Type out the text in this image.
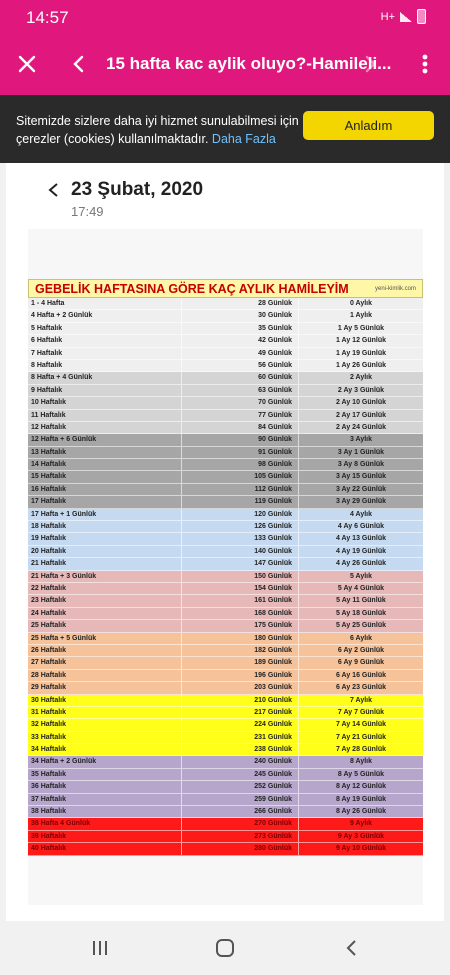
14:57	H+
15 hafta kac aylik oluyo?-Hamileli...
Sitemizde sizlere daha iyi hizmet sunulabilmesi için çerezler (cookies) kullanılmaktadır. Daha Fazla
Anladım
23 Şubat, 2020
17:49
GEBELİK HAFTASINA GÖRE KAÇ AYLIK HAMİLEYİM	yeni-kimlik.com
1 - 4 Hafta	28 Günlük	0 Aylık
4 Hafta + 2 Günlük	30 Günlük	1 Aylık
5 Haftalık	35 Günlük	1 Ay 5 Günlük
6 Haftalık	42 Günlük	1 Ay 12 Günlük
7 Haftalık	49 Günlük	1 Ay 19 Günlük
8 Haftalık	56 Günlük	1 Ay 26 Günlük
8 Hafta + 4 Günlük	60 Günlük	2 Aylık
9 Haftalık	63 Günlük	2 Ay 3 Günlük
10 Haftalık	70 Günlük	2 Ay 10 Günlük
11 Haftalık	77 Günlük	2 Ay 17 Günlük
12 Haftalık	84 Günlük	2 Ay 24 Günlük
12 Hafta + 6 Günlük	90 Günlük	3 Aylık
13 Haftalık	91 Günlük	3 Ay 1 Günlük
14 Haftalık	98 Günlük	3 Ay 8 Günlük
15 Haftalık	105 Günlük	3 Ay 15 Günlük
16 Haftalık	112 Günlük	3 Ay 22 Günlük
17 Haftalık	119 Günlük	3 Ay 29 Günlük
17 Hafta + 1 Günlük	120 Günlük	4 Aylık
18 Haftalık	126 Günlük	4 Ay 6 Günlük
19 Haftalık	133 Günlük	4 Ay 13 Günlük
20 Haftalık	140 Günlük	4 Ay 19 Günlük
21 Haftalık	147 Günlük	4 Ay 26 Günlük
21 Hafta + 3 Günlük	150 Günlük	5 Aylık
22 Haftalık	154 Günlük	5 Ay 4 Günlük
23 Haftalık	161 Günlük	5 Ay 11 Günlük
24 Haftalık	168 Günlük	5 Ay 18 Günlük
25 Haftalık	175 Günlük	5 Ay 25 Günlük
25 Hafta + 5 Günlük	180 Günlük	6 Aylık
26 Haftalık	182 Günlük	6 Ay 2 Günlük
27 Haftalık	189 Günlük	6 Ay 9 Günlük
28 Haftalık	196 Günlük	6 Ay 16 Günlük
29 Haftalık	203 Günlük	6 Ay 23 Günlük
30 Haftalık	210 Günlük	7 Aylık
31 Haftalık	217 Günlük	7 Ay 7 Günlük
32 Haftalık	224 Günlük	7 Ay 14 Günlük
33 Haftalık	231 Günlük	7 Ay 21 Günlük
34 Haftalık	238 Günlük	7 Ay 28 Günlük
34 Hafta + 2 Günlük	240 Günlük	8 Aylık
35 Haftalık	245 Günlük	8 Ay 5 Günlük
36 Haftalık	252 Günlük	8 Ay 12 Günlük
37 Haftalık	259 Günlük	8 Ay 19 Günlük
38 Haftalık	266 Günlük	8 Ay 26 Günlük
38 Hafta 4 Günlük	270 Günlük	9 Aylık
39 Haftalık	273 Günlük	9 Ay 3 Günlük
40 Haftalık	280 Günlük	9 Ay 10 Günlük
